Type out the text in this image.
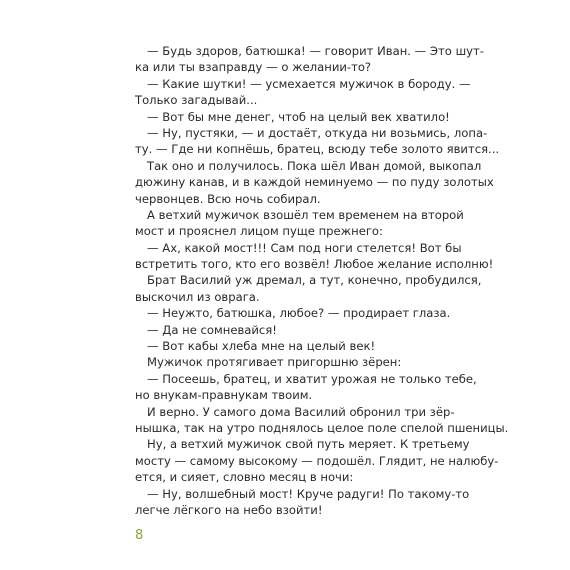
— Будь здоров, батюшка! — говорит Иван. — Это шут-
ка или ты взаправду — о желании-то?
— Какие шутки! — усмехается мужичок в бороду. —
Только загадывай...
— Вот бы мне денег, чтоб на целый век хватило!
— Ну, пустяки, — и достаёт, откуда ни возьмись, лопа-
ту. — Где ни копнёшь, братец, всюду тебе золото явится...
Так оно и получилось. Пока шёл Иван домой, выкопал
дюжину канав, и в каждой неминуемо — по пуду золотых
червонцев. Всю ночь собирал.
А ветхий мужичок взошёл тем временем на второй
мост и прояснел лицом пуще прежнего:
— Ах, какой мост!!! Сам под ноги стелется! Вот бы
встретить того, кто его возвёл! Любое желание исполню!
Брат Василий уж дремал, а тут, конечно, пробудился,
выскочил из оврага.
— Неужто, батюшка, любое? — продирает глаза.
— Да не сомневайся!
— Вот кабы хлеба мне на целый век!
Мужичок протягивает пригоршню зёрен:
— Посеешь, братец, и хватит урожая не только тебе,
но внукам-правнукам твоим.
И верно. У самого дома Василий обронил три зёр-
нышка, так на утро поднялось целое поле спелой пшеницы.
Ну, а ветхий мужичок свой путь меряет. К третьему
мосту — самому высокому — подошёл. Глядит, не налюбу-
ется, и сияет, словно месяц в ночи:
— Ну, волшебный мост! Круче радуги! По такому-то
легче лёгкого на небо взойти!
8
